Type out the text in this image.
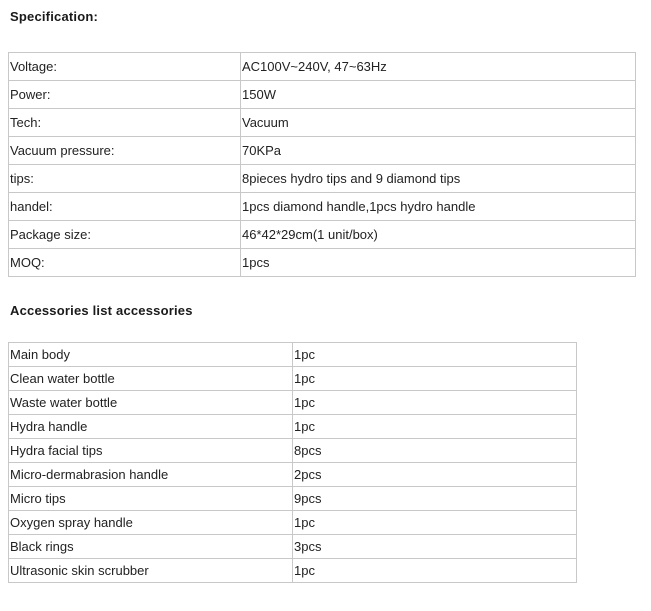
Specification:
Voltage:	AC100V~240V, 47~63Hz
Power:	150W
Tech:	Vacuum
Vacuum pressure:	70KPa
tips:	8pieces hydro tips and 9 diamond tips
handel:	1pcs diamond handle,1pcs hydro handle
Package size:	46*42*29cm(1 unit/box)
MOQ:	1pcs
Accessories list accessories
Main body	1pc
Clean water bottle	1pc
Waste water bottle	1pc
Hydra handle	1pc
Hydra facial tips	8pcs
Micro-dermabrasion handle	2pcs
Micro tips	9pcs
Oxygen spray handle	1pc
Black rings	3pcs
Ultrasonic skin scrubber	1pc
